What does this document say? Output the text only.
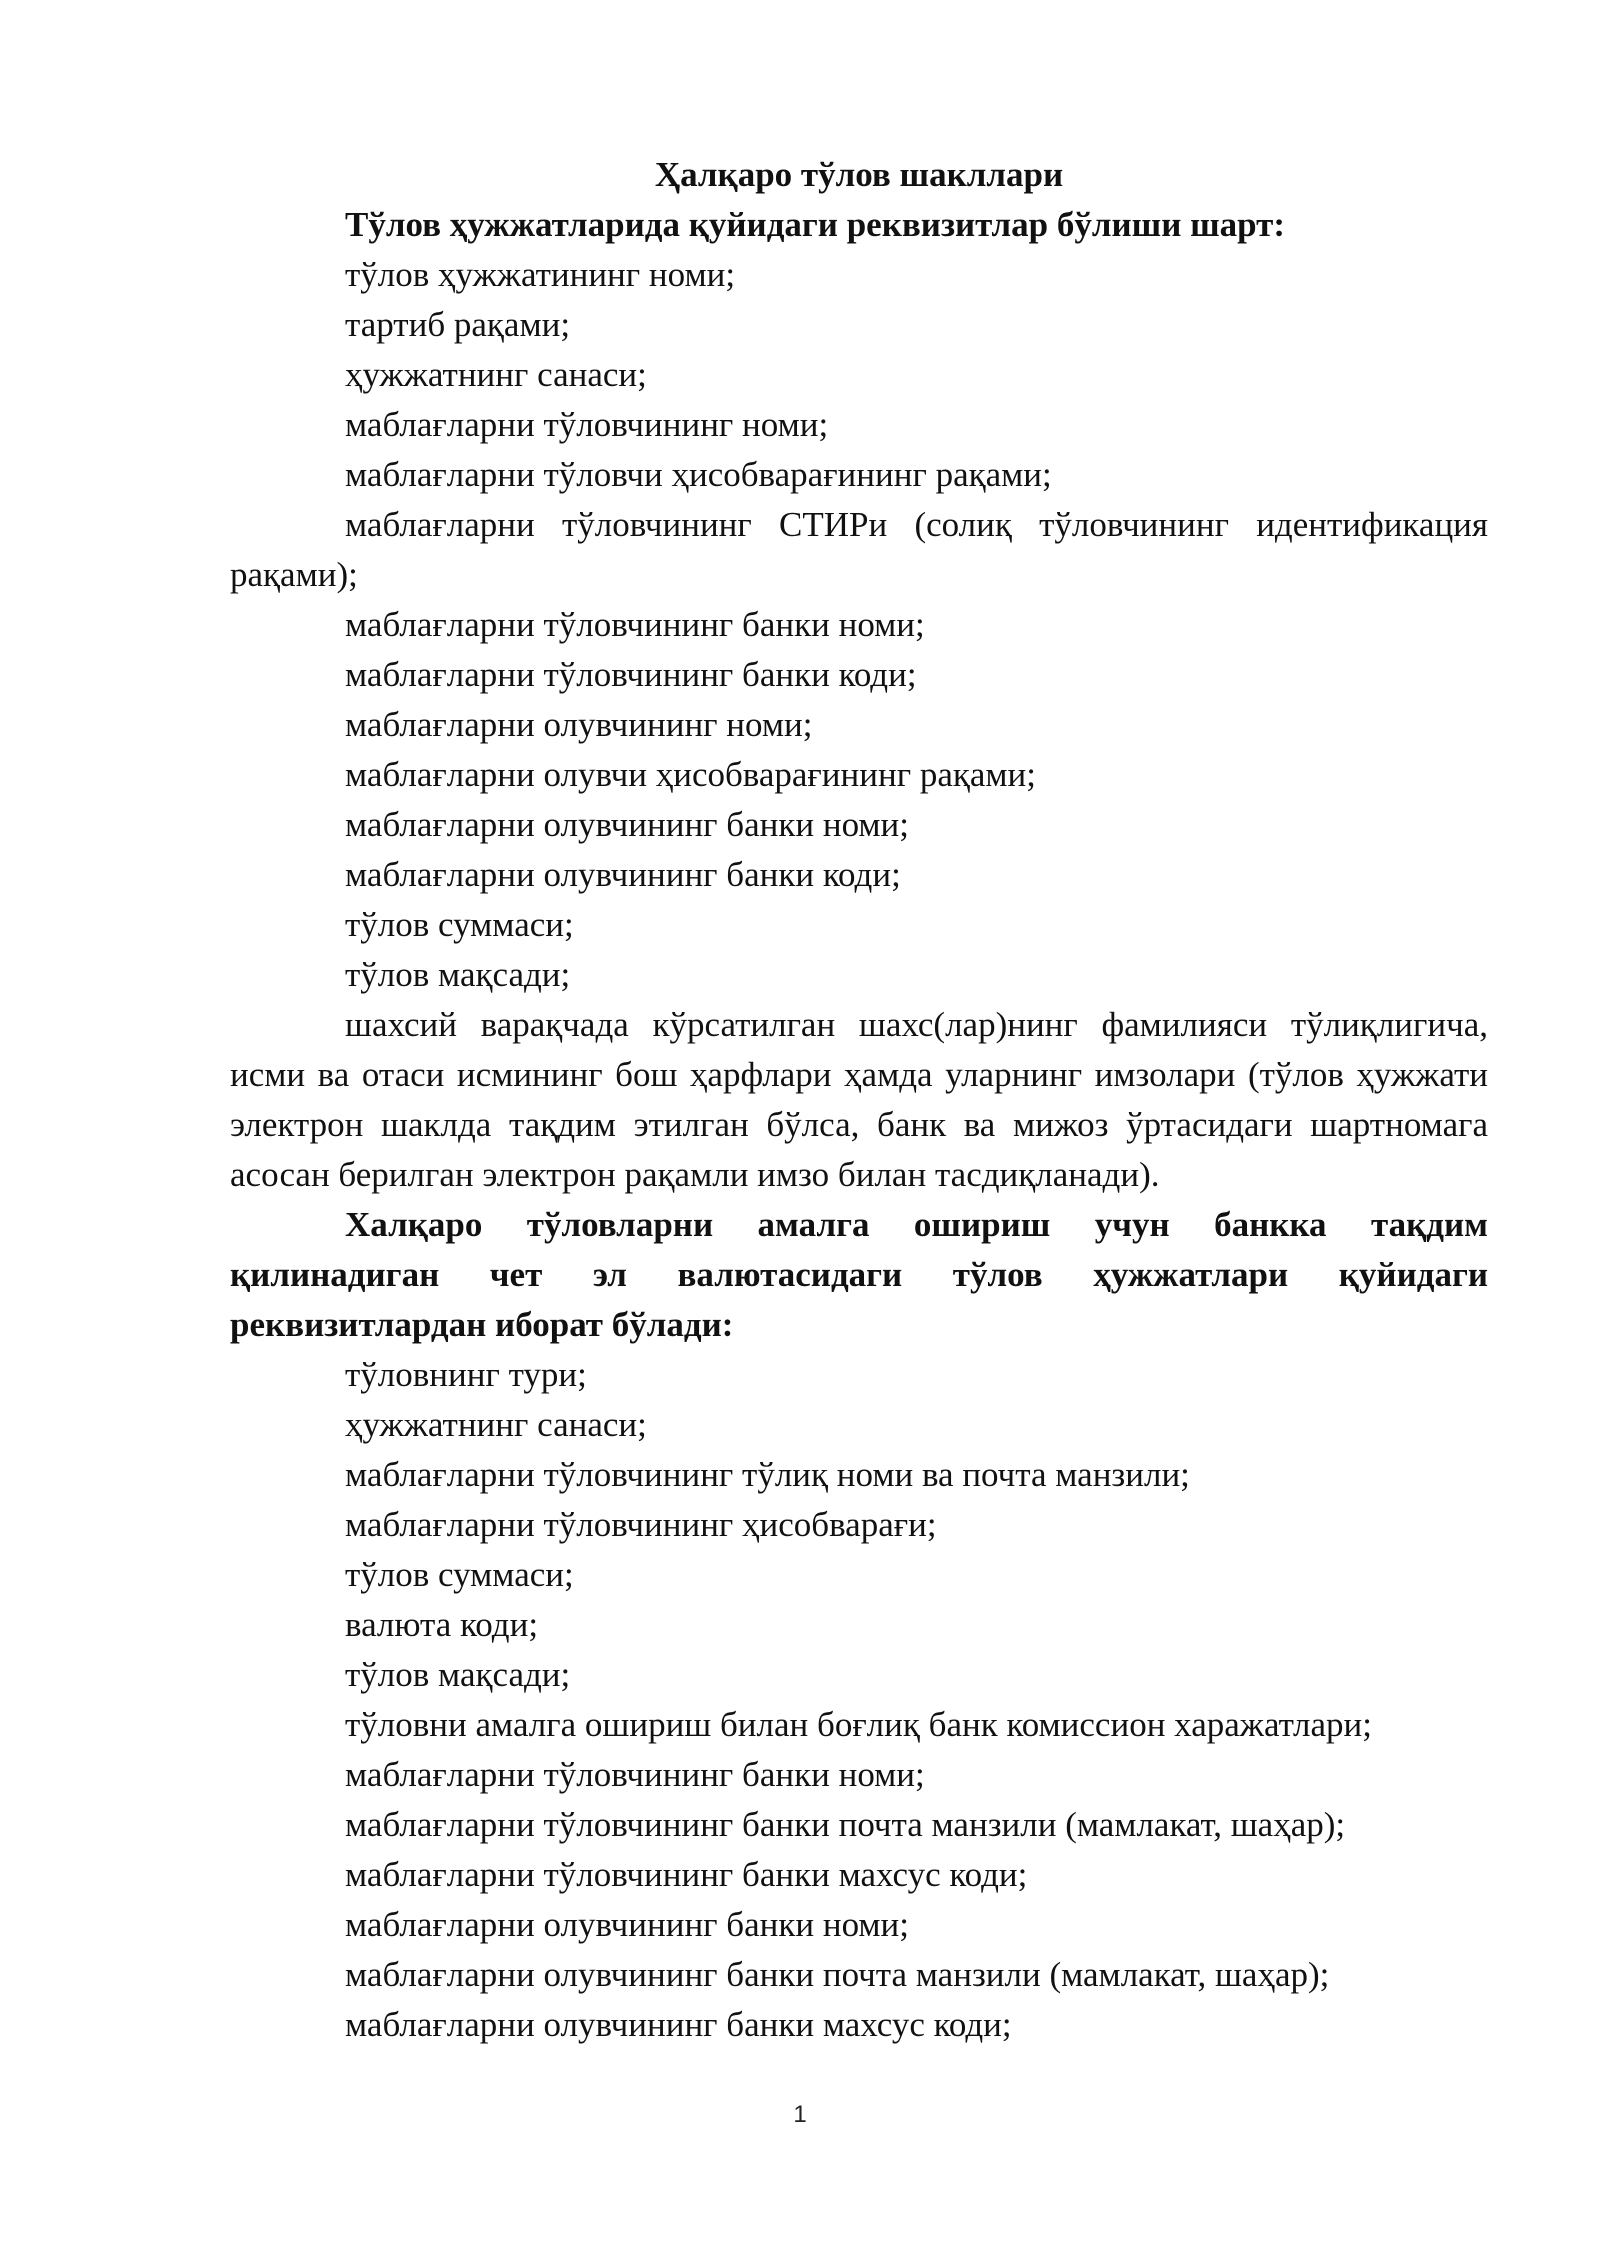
Ҳалқаро тўлов шакллари

Тўлов ҳужжатларида қуйидаги реквизитлар бўлиши шарт:

тўлов ҳужжатининг номи;

тартиб рақами;

ҳужжатнинг санаси;

маблағларни тўловчининг номи;

маблағларни тўловчи ҳисобварағининг рақами;

маблағларни тўловчининг СТИРи (солиқ тўловчининг идентификация рақами);

маблағларни тўловчининг банки номи;

маблағларни тўловчининг банки коди;

маблағларни олувчининг номи;

маблағларни олувчи ҳисобварағининг рақами;

маблағларни олувчининг банки номи;

маблағларни олувчининг банки коди;

тўлов суммаси;

тўлов мақсади;

шахсий варақчада кўрсатилган шахс(лар)нинг фамилияси тўлиқлигича, исми ва отаси исмининг бош ҳарфлари ҳамда уларнинг имзолари (тўлов ҳужжати электрон шаклда тақдим этилган бўлса, банк ва мижоз ўртасидаги шартномага асосан берилган электрон рақамли имзо билан тасдиқланади).

Халқаро тўловларни амалга ошириш учун банкка тақдим қилинадиган чет эл валютасидаги тўлов ҳужжатлари қуйидаги реквизитлардан иборат бўлади:

тўловнинг тури;

ҳужжатнинг санаси;

маблағларни тўловчининг тўлиқ номи ва почта манзили;

маблағларни тўловчининг ҳисобварағи;

тўлов суммаси;

валюта коди;

тўлов мақсади;

тўловни амалга ошириш билан боғлиқ банк комиссион харажатлари;

маблағларни тўловчининг банки номи;

маблағларни тўловчининг банки почта манзили (мамлакат, шаҳар);

маблағларни тўловчининг банки махсус коди;

маблағларни олувчининг банки номи;

маблағларни олувчининг банки почта манзили (мамлакат, шаҳар);

маблағларни олувчининг банки махсус коди;

1
